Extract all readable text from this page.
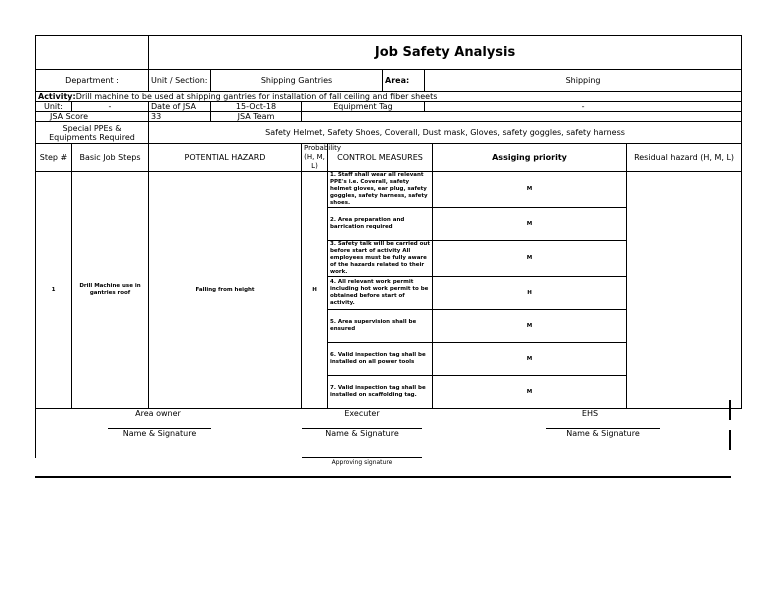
		Job Safety Analysis							
Department :		Unit / Section:	Shipping Gantries			Area:	Shipping		
Activity:Drill machine to be used at shipping gantries for installation of fall ceiling and fiber sheets									
Unit:	-	Date of JSA	15-Oct-18	Equipment Tag			-		
JSA Score		33	JSA Team						
Special PPEs & Equipments Required		Safety Helmet, Safety Shoes, Coverall, Dust mask, Gloves, safety goggles, safety harness							
Step #	Basic Job Steps	POTENTIAL HAZARD		Probability (H, M, L)	CONTROL MEASURES			Assiging priority	Residual hazard (H, M, L)
1	Drill Machine use in gantries roof	Falling from height		H	1. Staff shall wear all relevant PPE's i.e. Coverall, safety helmet gloves, ear plug, safety goggles, safety harness, safety shoes.			M	
					2. Area preparation and barrication required			M	
					3. Safety talk will be carried out before start of activity All employees must be fully aware of the hazards related to their work.			M	
					4. All relevant work permit including hot work permit to be obtained before start of activity.			H	
					5. Area supervision shall be ensured			M	
					6. Valid inspection tag shall be installed on all power tools			M	
					7. Valid inspection tag shall be installed on scaffolding tag.			M	
Area owner	Executer	EHS
Name & Signature	Name & Signature	Name & Signature
Approving signature
